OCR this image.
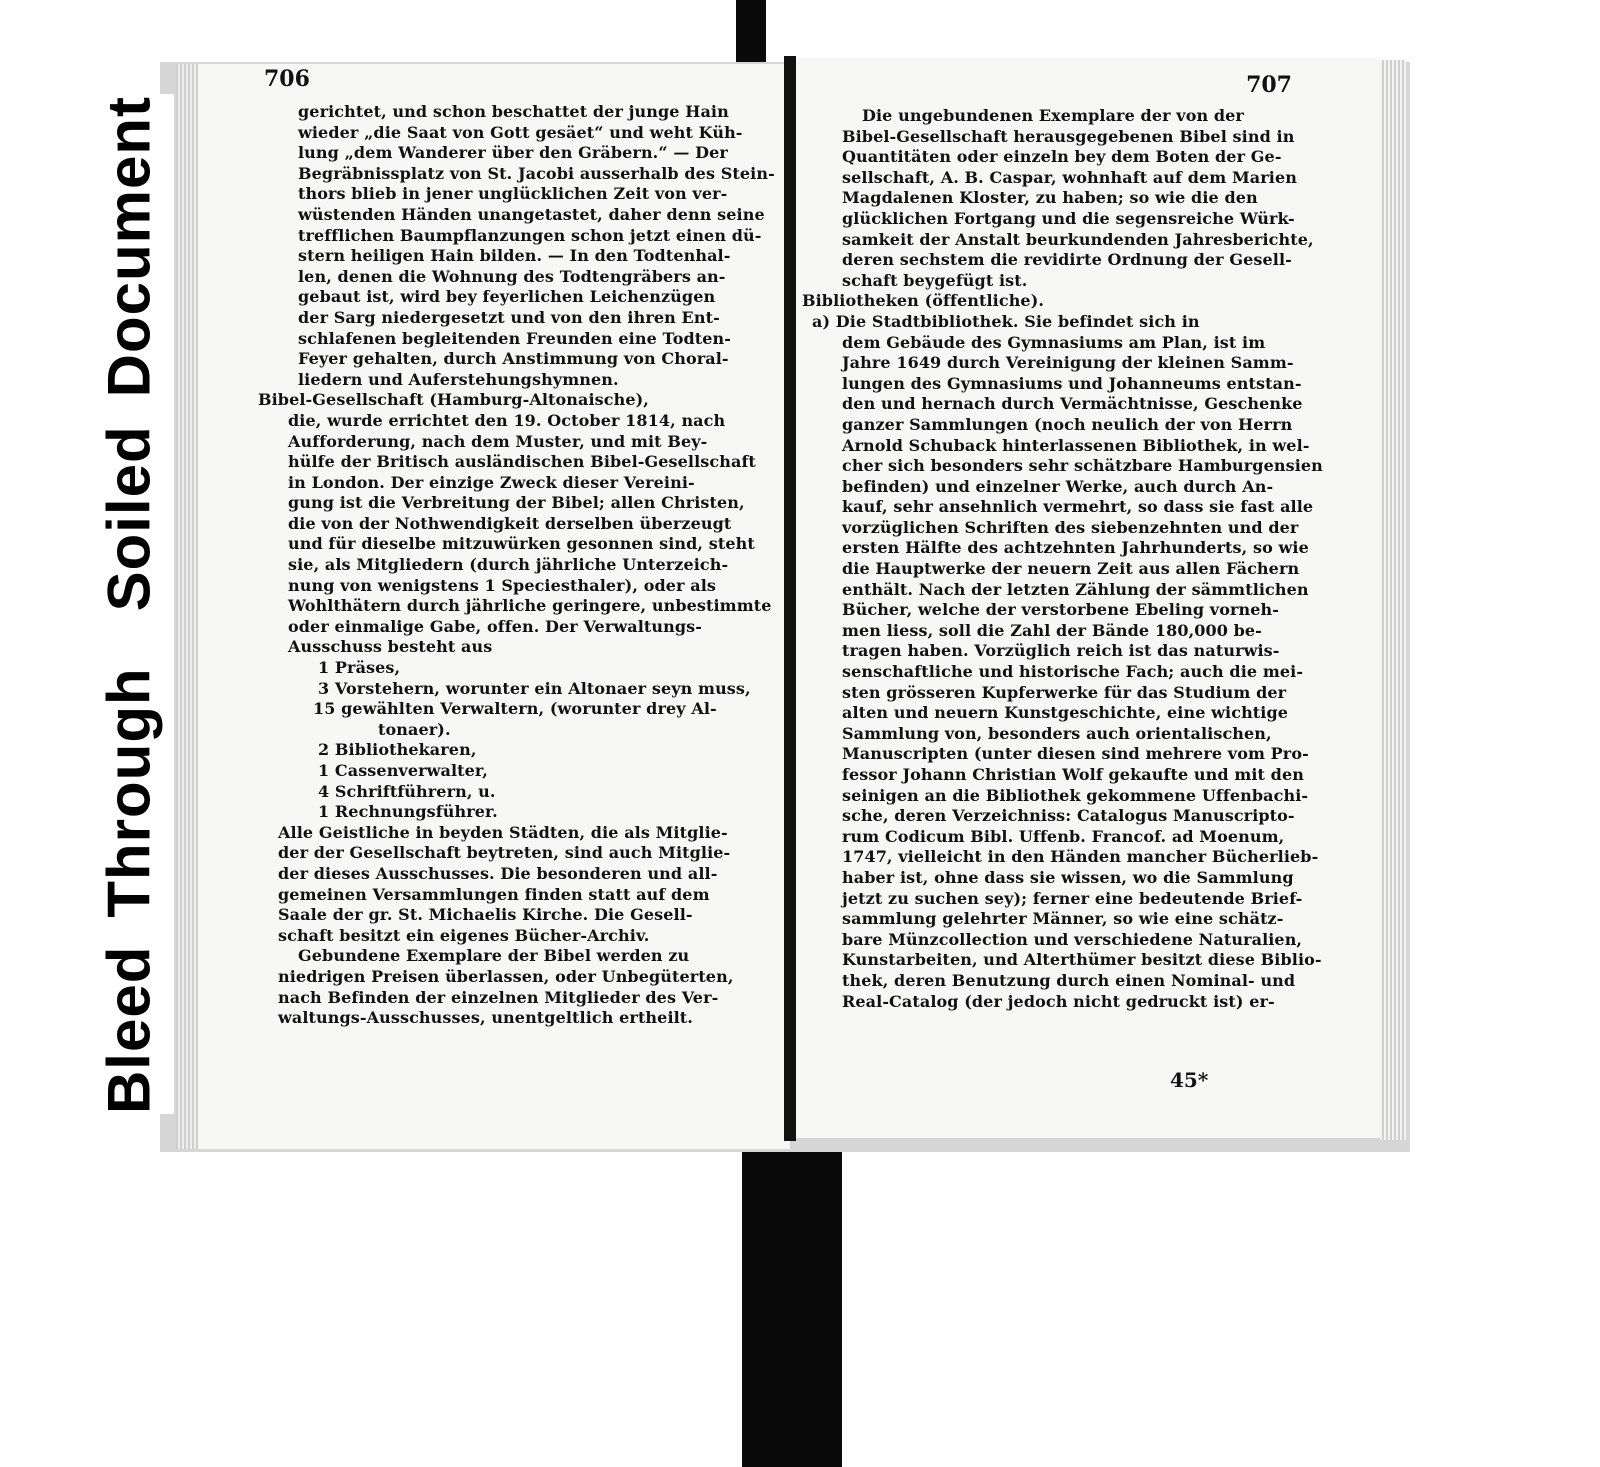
706
gerichtet, und schon beschattet der junge Hain
wieder „die Saat von Gott gesäet“ und weht Küh-
lung „dem Wanderer über den Gräbern.“ — Der
Begräbnissplatz von St. Jacobi ausserhalb des Stein-
thors blieb in jener unglücklichen Zeit von ver-
wüstenden Händen unangetastet, daher denn seine
trefflichen Baumpflanzungen schon jetzt einen dü-
stern heiligen Hain bilden. — In den Todtenhal-
len, denen die Wohnung des Todtengräbers an-
gebaut ist, wird bey feyerlichen Leichenzügen
der Sarg niedergesetzt und von den ihren Ent-
schlafenen begleitenden Freunden eine Todten-
Feyer gehalten, durch Anstimmung von Choral-
liedern und Auferstehungshymnen.
Bibel-Gesellschaft (Hamburg-Altonaische),
die, wurde errichtet den 19. October 1814, nach
Aufforderung, nach dem Muster, und mit Bey-
hülfe der Britisch ausländischen Bibel-Gesellschaft
in London. Der einzige Zweck dieser Vereini-
gung ist die Verbreitung der Bibel; allen Christen,
die von der Nothwendigkeit derselben überzeugt
und für dieselbe mitzuwürken gesonnen sind, steht
sie, als Mitgliedern (durch jährliche Unterzeich-
nung von wenigstens 1 Speciesthaler), oder als
Wohlthätern durch jährliche geringere, unbestimmte
oder einmalige Gabe, offen. Der Verwaltungs-
Ausschuss besteht aus
1 Präses,
3 Vorstehern, worunter ein Altonaer seyn muss,
15 gewählten Verwaltern, (worunter drey Al-
tonaer).
2 Bibliothekaren,
1 Cassenverwalter,
4 Schriftführern, u.
1 Rechnungsführer.
Alle Geistliche in beyden Städten, die als Mitglie-
der der Gesellschaft beytreten, sind auch Mitglie-
der dieses Ausschusses. Die besonderen und all-
gemeinen Versammlungen finden statt auf dem
Saale der gr. St. Michaelis Kirche. Die Gesell-
schaft besitzt ein eigenes Bücher-Archiv.
Gebundene Exemplare der Bibel werden zu
niedrigen Preisen überlassen, oder Unbegüterten,
nach Befinden der einzelnen Mitglieder des Ver-
waltungs-Ausschusses, unentgeltlich ertheilt.
707
Die ungebundenen Exemplare der von der
Bibel-Gesellschaft herausgegebenen Bibel sind in
Quantitäten oder einzeln bey dem Boten der Ge-
sellschaft, A. B. Caspar, wohnhaft auf dem Marien
Magdalenen Kloster, zu haben; so wie die den
glücklichen Fortgang und die segensreiche Würk-
samkeit der Anstalt beurkundenden Jahresberichte,
deren sechstem die revidirte Ordnung der Gesell-
schaft beygefügt ist.
Bibliotheken (öffentliche).
a) Die Stadtbibliothek. Sie befindet sich in
dem Gebäude des Gymnasiums am Plan, ist im
Jahre 1649 durch Vereinigung der kleinen Samm-
lungen des Gymnasiums und Johanneums entstan-
den und hernach durch Vermächtnisse, Geschenke
ganzer Sammlungen (noch neulich der von Herrn
Arnold Schuback hinterlassenen Bibliothek, in wel-
cher sich besonders sehr schätzbare Hamburgensien
befinden) und einzelner Werke, auch durch An-
kauf, sehr ansehnlich vermehrt, so dass sie fast alle
vorzüglichen Schriften des siebenzehnten und der
ersten Hälfte des achtzehnten Jahrhunderts, so wie
die Hauptwerke der neuern Zeit aus allen Fächern
enthält. Nach der letzten Zählung der sämmtlichen
Bücher, welche der verstorbene Ebeling vorneh-
men liess, soll die Zahl der Bände 180,000 be-
tragen haben. Vorzüglich reich ist das naturwis-
senschaftliche und historische Fach; auch die mei-
sten grösseren Kupferwerke für das Studium der
alten und neuern Kunstgeschichte, eine wichtige
Sammlung von, besonders auch orientalischen,
Manuscripten (unter diesen sind mehrere vom Pro-
fessor Johann Christian Wolf gekaufte und mit den
seinigen an die Bibliothek gekommene Uffenbachi-
sche, deren Verzeichniss: Catalogus Manuscripto-
rum Codicum Bibl. Uffenb. Francof. ad Moenum,
1747, vielleicht in den Händen mancher Bücherlieb-
haber ist, ohne dass sie wissen, wo die Sammlung
jetzt zu suchen sey); ferner eine bedeutende Brief-
sammlung gelehrter Männer, so wie eine schätz-
bare Münzcollection und verschiedene Naturalien,
Kunstarbeiten, und Alterthümer besitzt diese Biblio-
thek, deren Benutzung durch einen Nominal- und
Real-Catalog (der jedoch nicht gedruckt ist) er-
45*
BleedThroughSoiledDocument
